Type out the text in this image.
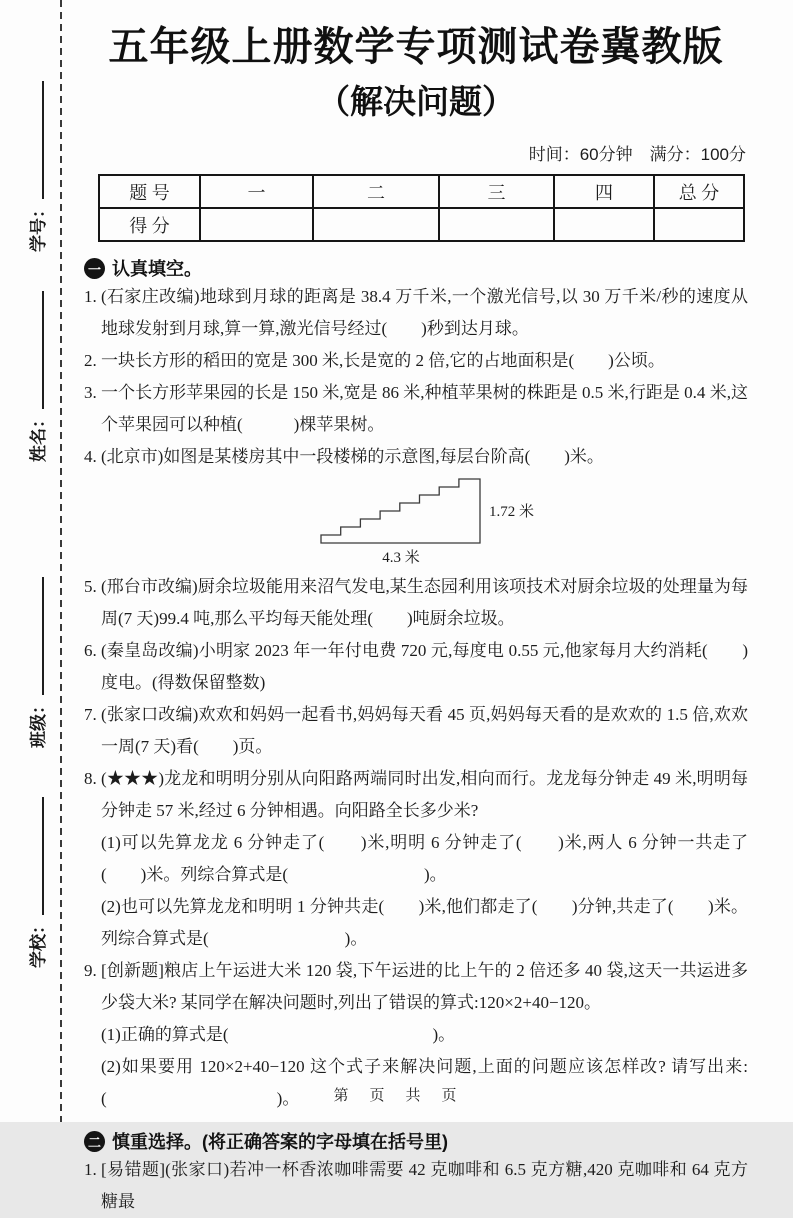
学号：
姓名：
班级：
学校：
五年级上册数学专项测试卷冀教版
（解决问题）
时间：60分钟　满分：100分
题 号	一	二	三	四	总 分
得 分					
一 认真填空。
1. (石家庄改编)地球到月球的距离是 38.4 万千米,一个激光信号,以 30 万千米/秒的速度从地球发射到月球,算一算,激光信号经过(　　)秒到达月球。
2. 一块长方形的稻田的宽是 300 米,长是宽的 2 倍,它的占地面积是(　　)公顷。
3. 一个长方形苹果园的长是 150 米,宽是 86 米,种植苹果树的株距是 0.5 米,行距是 0.4 米,这个苹果园可以种植(　　　)棵苹果树。
4. (北京市)如图是某楼房其中一段楼梯的示意图,每层台阶高(　　)米。
1.72 米
4.3 米
5. (邢台市改编)厨余垃圾能用来沼气发电,某生态园利用该项技术对厨余垃圾的处理量为每周(7 天)99.4 吨,那么平均每天能处理(　　)吨厨余垃圾。
6. (秦皇岛改编)小明家 2023 年一年付电费 720 元,每度电 0.55 元,他家每月大约消耗(　　)度电。(得数保留整数)
7. (张家口改编)欢欢和妈妈一起看书,妈妈每天看 45 页,妈妈每天看的是欢欢的 1.5 倍,欢欢一周(7 天)看(　　)页。
8. (★★★)龙龙和明明分别从向阳路两端同时出发,相向而行。龙龙每分钟走 49 米,明明每分钟走 57 米,经过 6 分钟相遇。向阳路全长多少米?
(1)可以先算龙龙 6 分钟走了(　　)米,明明 6 分钟走了(　　)米,两人 6 分钟一共走了(　　)米。列综合算式是(　　　　　　　　)。
(2)也可以先算龙龙和明明 1 分钟共走(　　)米,他们都走了(　　)分钟,共走了(　　)米。列综合算式是(　　　　　　　　)。
9. [创新题]粮店上午运进大米 120 袋,下午运进的比上午的 2 倍还多 40 袋,这天一共运进多少袋大米? 某同学在解决问题时,列出了错误的算式:120×2+40−120。
(1)正确的算式是(　　　　　　　　　　　　)。
(2)如果要用 120×2+40−120 这个式子来解决问题,上面的问题应该怎样改? 请写出来:(　　　　　　　　　　)。
二 慎重选择。(将正确答案的字母填在括号里)
1. [易错题](张家口)若冲一杯香浓咖啡需要 42 克咖啡和 6.5 克方糖,420 克咖啡和 64 克方糖最
第　页　共　页
